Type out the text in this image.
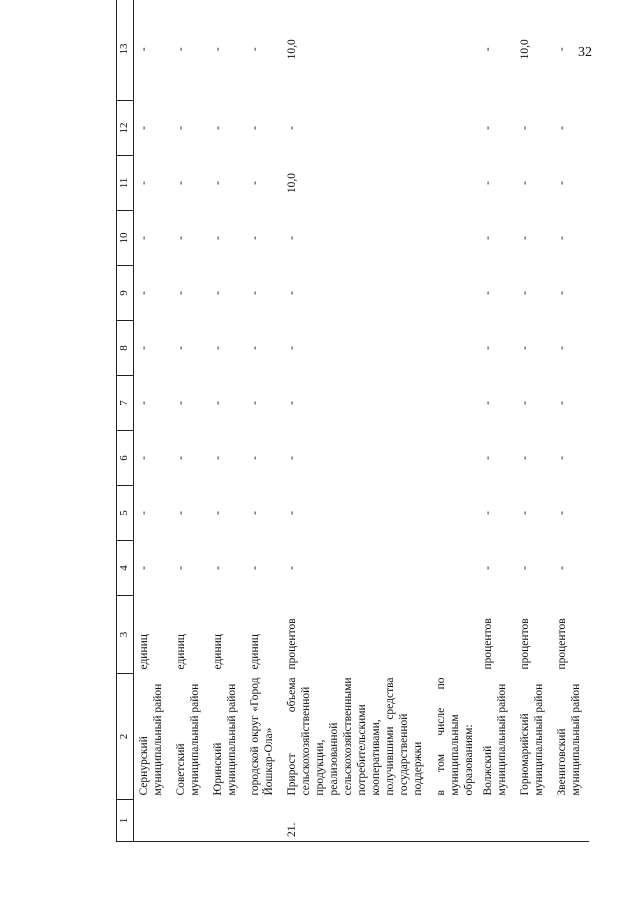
32
1	2	3	4	5	6	7	8	9	10	11	12	13
	Сернурский муниципальный район	единиц	-	-	-	-	-	-	-	-	-	-
	Советский муниципальный район	единиц	-	-	-	-	-	-	-	-	-	-
	Юринский муниципальный район	единиц	-	-	-	-	-	-	-	-	-	-
	городской округ «Город Йошкар-Ола»	единиц	-	-	-	-	-	-	-	-	-	-
21.	Прирост объема сельскохозяйственной продукции, реализованной сельскохозяйственными потребительскими кооперативами, получившими средства государственной поддержки	процентов	-	-	-	-	-	-	-	10,0	-	10,0
	в том числе по муниципальным образованиям:											
	Волжский муниципальный район	процентов	-	-	-	-	-	-	-	-	-	-
	Горномарийский муниципальный район	процентов	-	-	-	-	-	-	-	-	-	10,0
	Звениговский муниципальный район	процентов	-	-	-	-	-	-	-	-	-	-
